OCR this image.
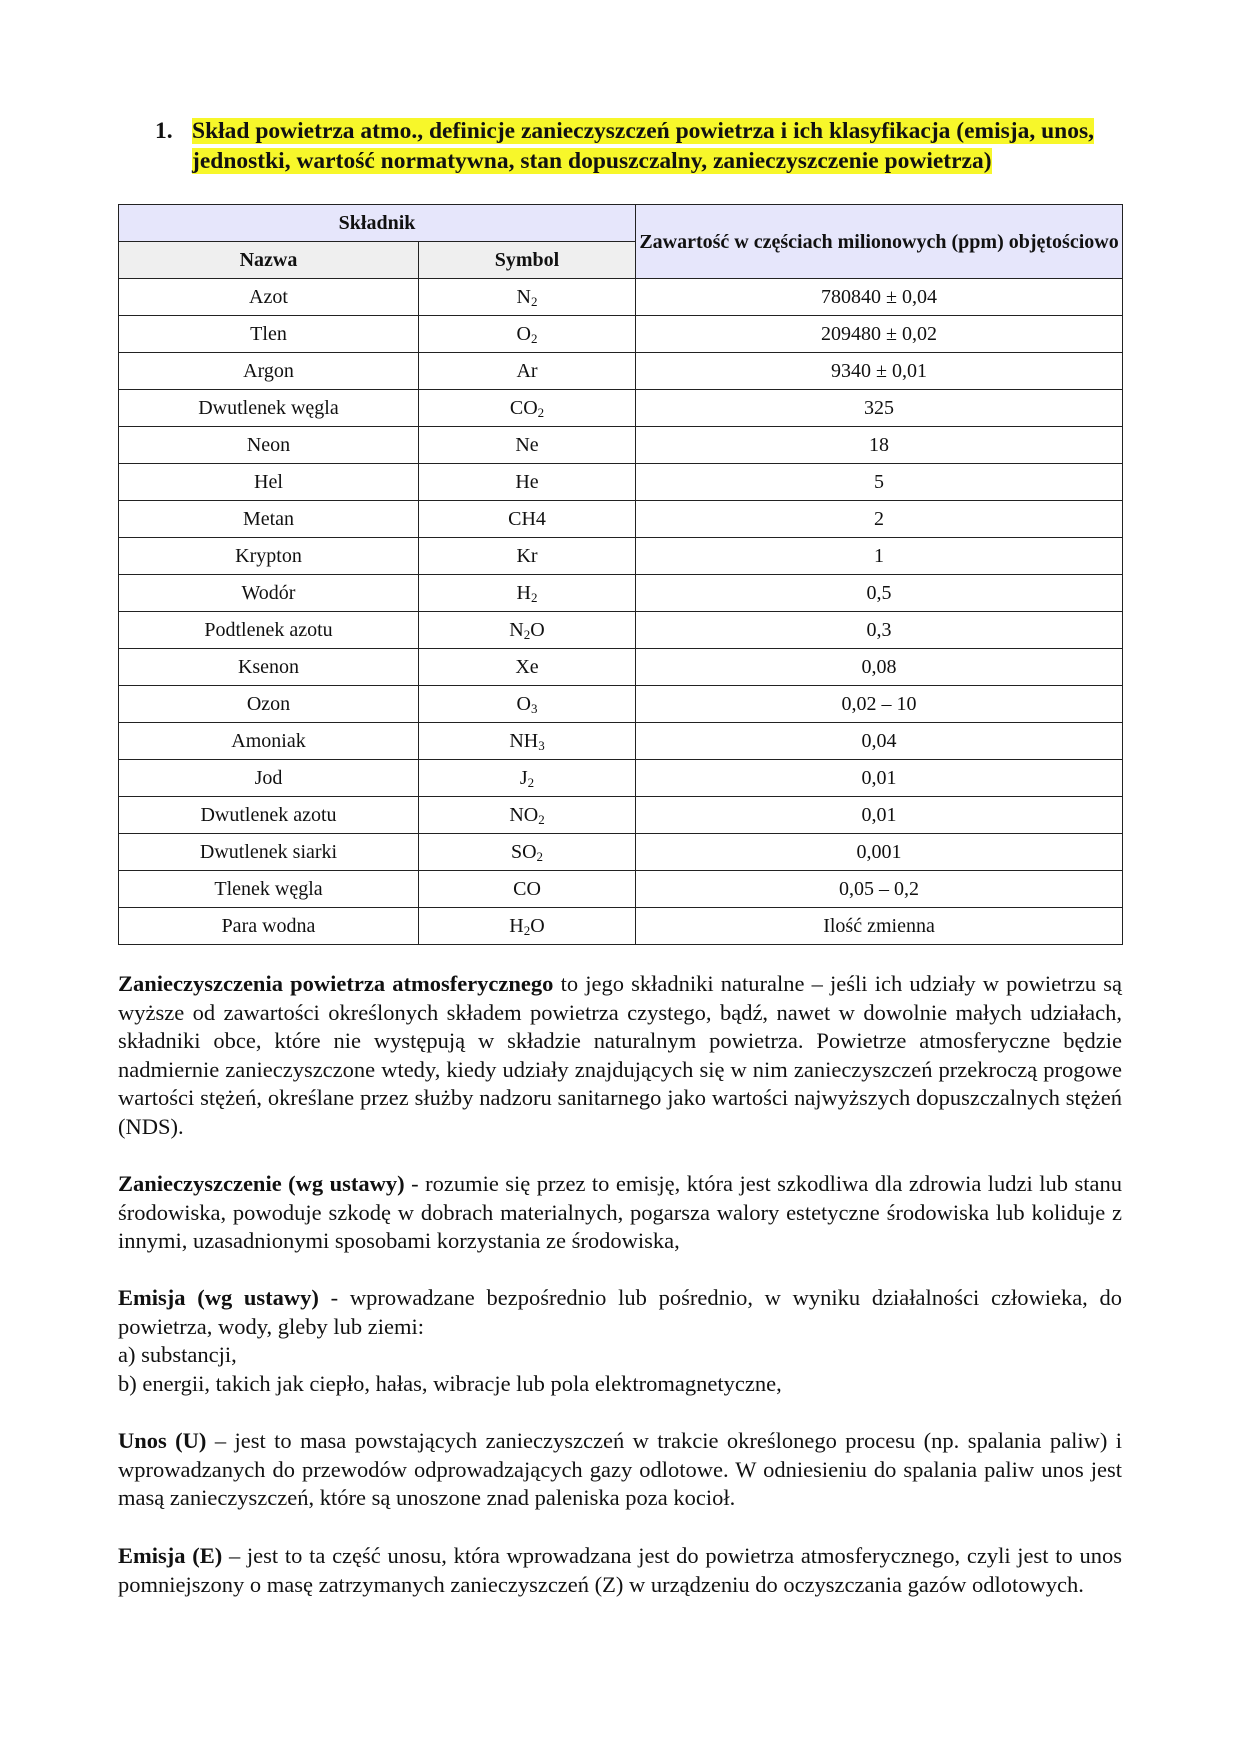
1. Skład powietrza atmo., definicje zanieczyszczeń powietrza i ich klasyfikacja (emisja, unos, jednostki, wartość normatywna, stan dopuszczalny, zanieczyszczenie powietrza)
Składnik		Zawartość w częściach milionowych (ppm) objętościowo
Nazwa	Symbol	
Azot	$N_2$	780840 ± 0,04
Tlen	$O_2$	209480 ± 0,02
Argon	Ar	9340 ± 0,01
Dwutlenek węgla	$CO_2$	325
Neon	Ne	18
Hel	He	5
Metan	CH4	2
Krypton	Kr	1
Wodór	$H_2$	0,5
Podtlenek azotu	$N_2O$	0,3
Ksenon	Xe	0,08
Ozon	$O_3$	0,02 – 10
Amoniak	$NH_3$	0,04
Jod	$J_2$	0,01
Dwutlenek azotu	$NO_2$	0,01
Dwutlenek siarki	$SO_2$	0,001
Tlenek węgla	CO	0,05 – 0,2
Para wodna	$H_2O$	Ilość zmienna
Zanieczyszczenia powietrza atmosferycznego to jego składniki naturalne – jeśli ich udziały w powietrzu są wyższe od zawartości określonych składem powietrza czystego, bądź, nawet w dowolnie małych udziałach, składniki obce, które nie występują w składzie naturalnym powietrza. Powietrze atmosferyczne będzie nadmiernie zanieczyszczone wtedy, kiedy udziały znajdujących się w nim zanieczyszczeń przekroczą progowe wartości stężeń, określane przez służby nadzoru sanitarnego jako wartości najwyższych dopuszczalnych stężeń (NDS).
Zanieczyszczenie (wg ustawy) - rozumie się przez to emisję, która jest szkodliwa dla zdrowia ludzi lub stanu środowiska, powoduje szkodę w dobrach materialnych, pogarsza walory estetyczne środowiska lub koliduje z innymi, uzasadnionymi sposobami korzystania ze środowiska,
Emisja (wg ustawy) - wprowadzane bezpośrednio lub pośrednio, w wyniku działalności człowieka, do powietrza, wody, gleby lub ziemi:
a) substancji,
b) energii, takich jak ciepło, hałas, wibracje lub pola elektromagnetyczne,
Unos (U) – jest to masa powstających zanieczyszczeń w trakcie określonego procesu (np. spalania paliw) i wprowadzanych do przewodów odprowadzających gazy odlotowe. W odniesieniu do spalania paliw unos jest masą zanieczyszczeń, które są unoszone znad paleniska poza kocioł.
Emisja (E) – jest to ta część unosu, która wprowadzana jest do powietrza atmosferycznego, czyli jest to unos pomniejszony o masę zatrzymanych zanieczyszczeń (Z) w urządzeniu do oczyszczania gazów odlotowych.
